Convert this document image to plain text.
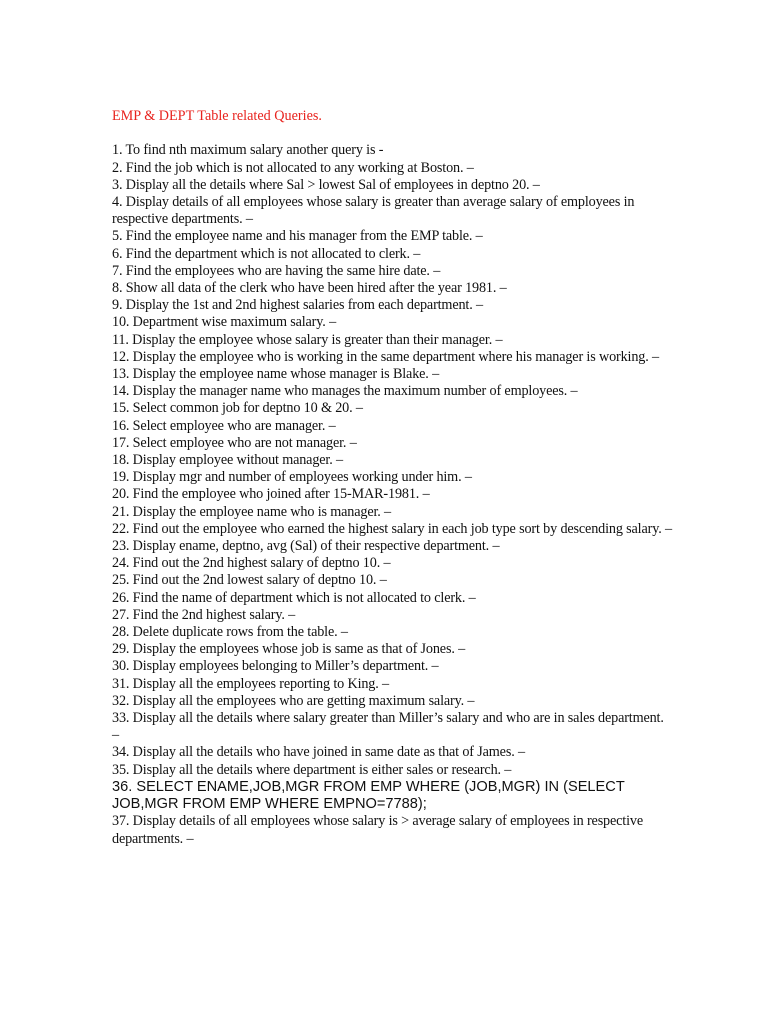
EMP & DEPT Table related Queries.
1. To find nth maximum salary another query is -
2. Find the job which is not allocated to any working at Boston. –
3. Display all the details where Sal > lowest Sal of employees in deptno 20. –
4. Display details of all employees whose salary is greater than average salary of employees in respective departments. –
5. Find the employee name and his manager from the EMP table. –
6. Find the department which is not allocated to clerk. –
7. Find the employees who are having the same hire date. –
8. Show all data of the clerk who have been hired after the year 1981. –
9. Display the 1st and 2nd highest salaries from each department. –
10. Department wise maximum salary. –
11. Display the employee whose salary is greater than their manager. –
12. Display the employee who is working in the same department where his manager is working. –
13. Display the employee name whose manager is Blake. –
14. Display the manager name who manages the maximum number of employees. –
15. Select common job for deptno 10 & 20. –
16. Select employee who are manager. –
17. Select employee who are not manager. –
18. Display employee without manager. –
19. Display mgr and number of employees working under him. –
20. Find the employee who joined after 15-MAR-1981. –
21. Display the employee name who is manager. –
22. Find out the employee who earned the highest salary in each job type sort by descending salary. –
23. Display ename, deptno, avg (Sal) of their respective department. –
24. Find out the 2nd highest salary of deptno 10. –
25. Find out the 2nd lowest salary of deptno 10. –
26. Find the name of department which is not allocated to clerk. –
27. Find the 2nd highest salary. –
28. Delete duplicate rows from the table. –
29. Display the employees whose job is same as that of Jones. –
30. Display employees belonging to Miller’s department. –
31. Display all the employees reporting to King. –
32. Display all the employees who are getting maximum salary. –
33. Display all the details where salary greater than Miller’s salary and who are in sales department. –
34. Display all the details who have joined in same date as that of James. –
35. Display all the details where department is either sales or research. –
36. SELECT ENAME,JOB,MGR FROM EMP WHERE (JOB,MGR) IN (SELECT JOB,MGR FROM EMP WHERE EMPNO=7788);
37. Display details of all employees whose salary is > average salary of employees in respective departments. –
